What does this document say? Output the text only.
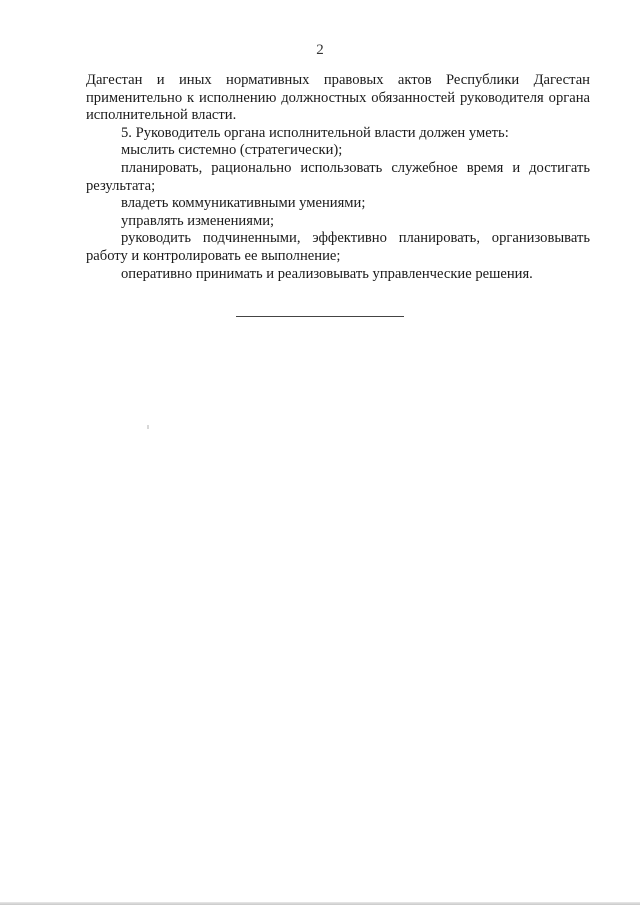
2

Дагестан и иных нормативных правовых актов Республики Дагестан применительно к исполнению должностных обязанностей руководителя органа исполнительной власти.

5. Руководитель органа исполнительной власти должен уметь:

мыслить системно (стратегически);

планировать, рационально использовать служебное время и достигать результата;

владеть коммуникативными умениями;

управлять изменениями;

руководить подчиненными, эффективно планировать, организовывать работу и контролировать ее выполнение;

оперативно принимать и реализовывать управленческие решения.
